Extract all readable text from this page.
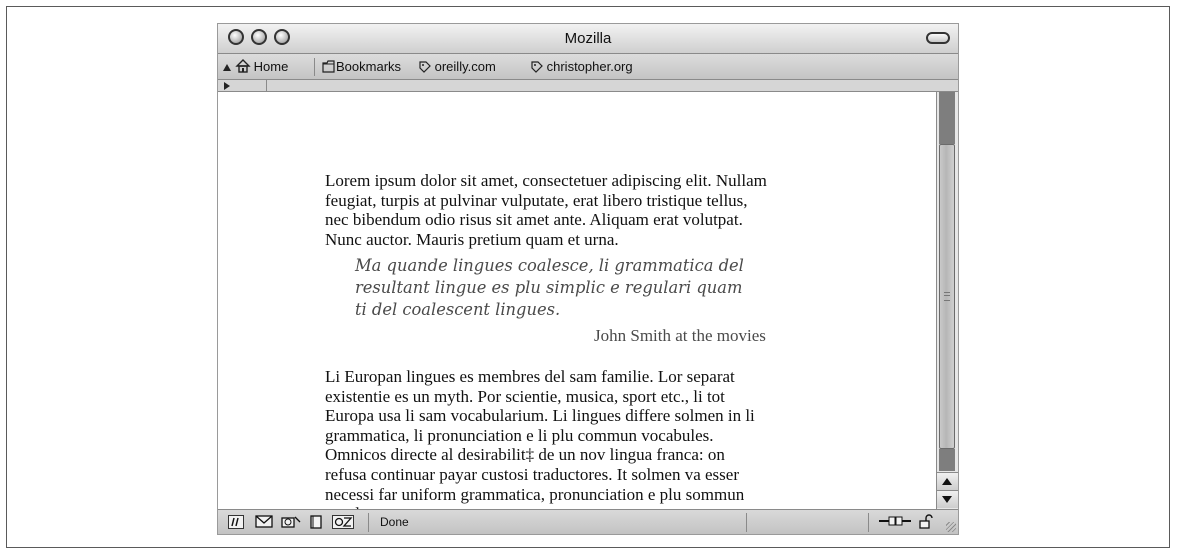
Mozilla
Home	Bookmarks	oreilly.com	christopher.org
Lorem ipsum dolor sit amet, consectetuer adipiscing elit. Nullam
feugiat, turpis at pulvinar vulputate, erat libero tristique tellus,
nec bibendum odio risus sit amet ante. Aliquam erat volutpat.
Nunc auctor. Mauris pretium quam et urna.
Ma quande lingues coalesce, li grammatica del
resultant lingue es plu simplic e regulari quam
ti del coalescent lingues.
John Smith at the movies
Li Europan lingues es membres del sam familie. Lor separat
existentie es un myth. Por scientie, musica, sport etc., li tot
Europa usa li sam vocabularium. Li lingues differe solmen in li
grammatica, li pronunciation e li plu commun vocabules.
Omnicos directe al desirabilit‡ de un nov lingua franca: on
refusa continuar payar custosi traductores. It solmen va esser
necessi far uniform grammatica, pronunciation e plu sommun
Done
